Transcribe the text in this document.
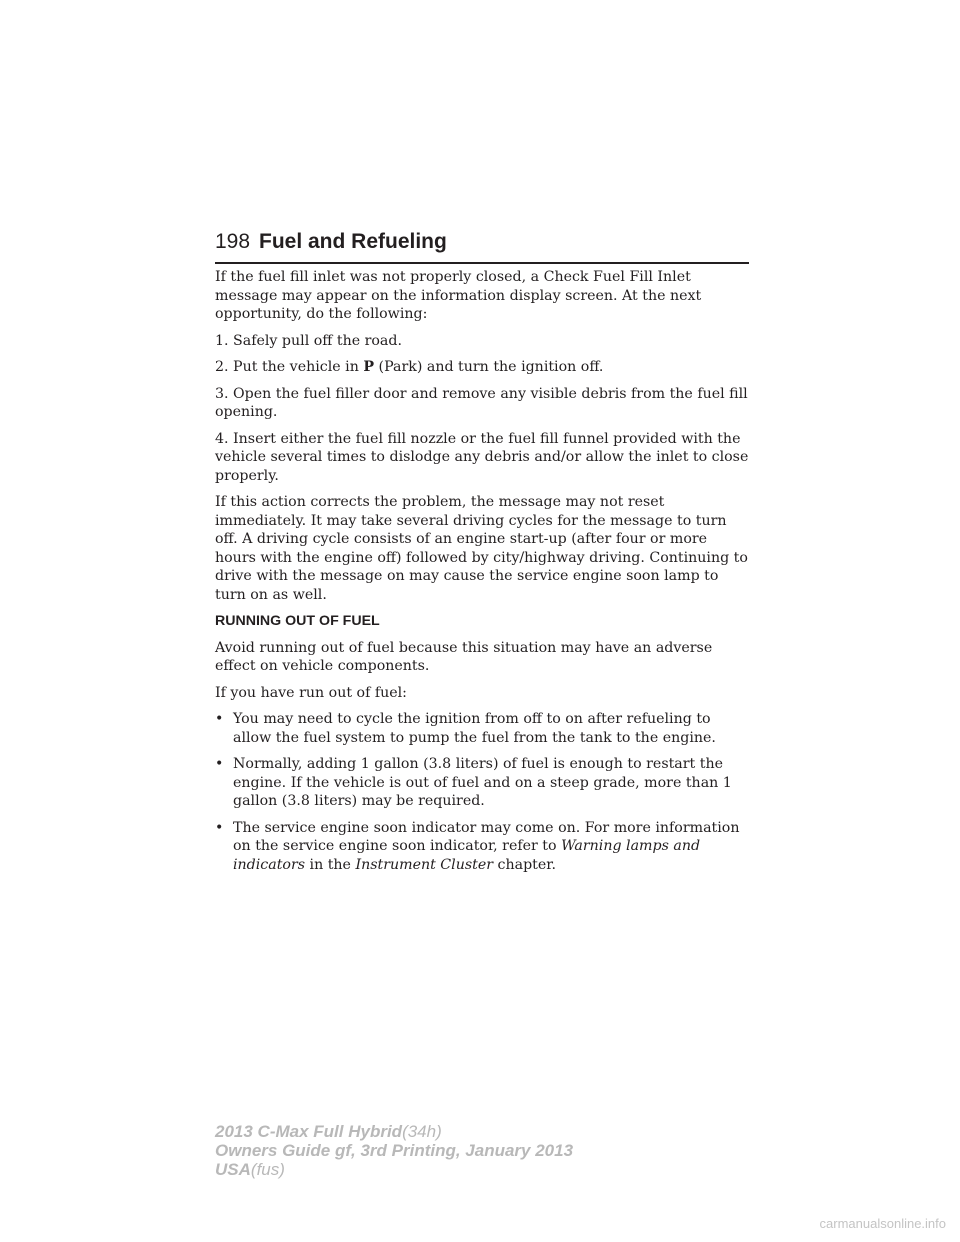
198 Fuel and Refueling

If the fuel fill inlet was not properly closed, a Check Fuel Fill Inlet message may appear on the information display screen. At the next opportunity, do the following:

1. Safely pull off the road.

2. Put the vehicle in P (Park) and turn the ignition off.

3. Open the fuel filler door and remove any visible debris from the fuel fill opening.

4. Insert either the fuel fill nozzle or the fuel fill funnel provided with the vehicle several times to dislodge any debris and/or allow the inlet to close properly.

If this action corrects the problem, the message may not reset immediately. It may take several driving cycles for the message to turn off. A driving cycle consists of an engine start-up (after four or more hours with the engine off) followed by city/highway driving. Continuing to drive with the message on may cause the service engine soon lamp to turn on as well.

RUNNING OUT OF FUEL

Avoid running out of fuel because this situation may have an adverse effect on vehicle components.

If you have run out of fuel:

• You may need to cycle the ignition from off to on after refueling to allow the fuel system to pump the fuel from the tank to the engine.
• Normally, adding 1 gallon (3.8 liters) of fuel is enough to restart the engine. If the vehicle is out of fuel and on a steep grade, more than 1 gallon (3.8 liters) may be required.
• The service engine soon indicator may come on. For more information on the service engine soon indicator, refer to Warning lamps and indicators in the Instrument Cluster chapter.
2013 C-Max Full Hybrid(34h)
Owners Guide gf, 3rd Printing, January 2013
USA(fus)
carmanualsonline.info
